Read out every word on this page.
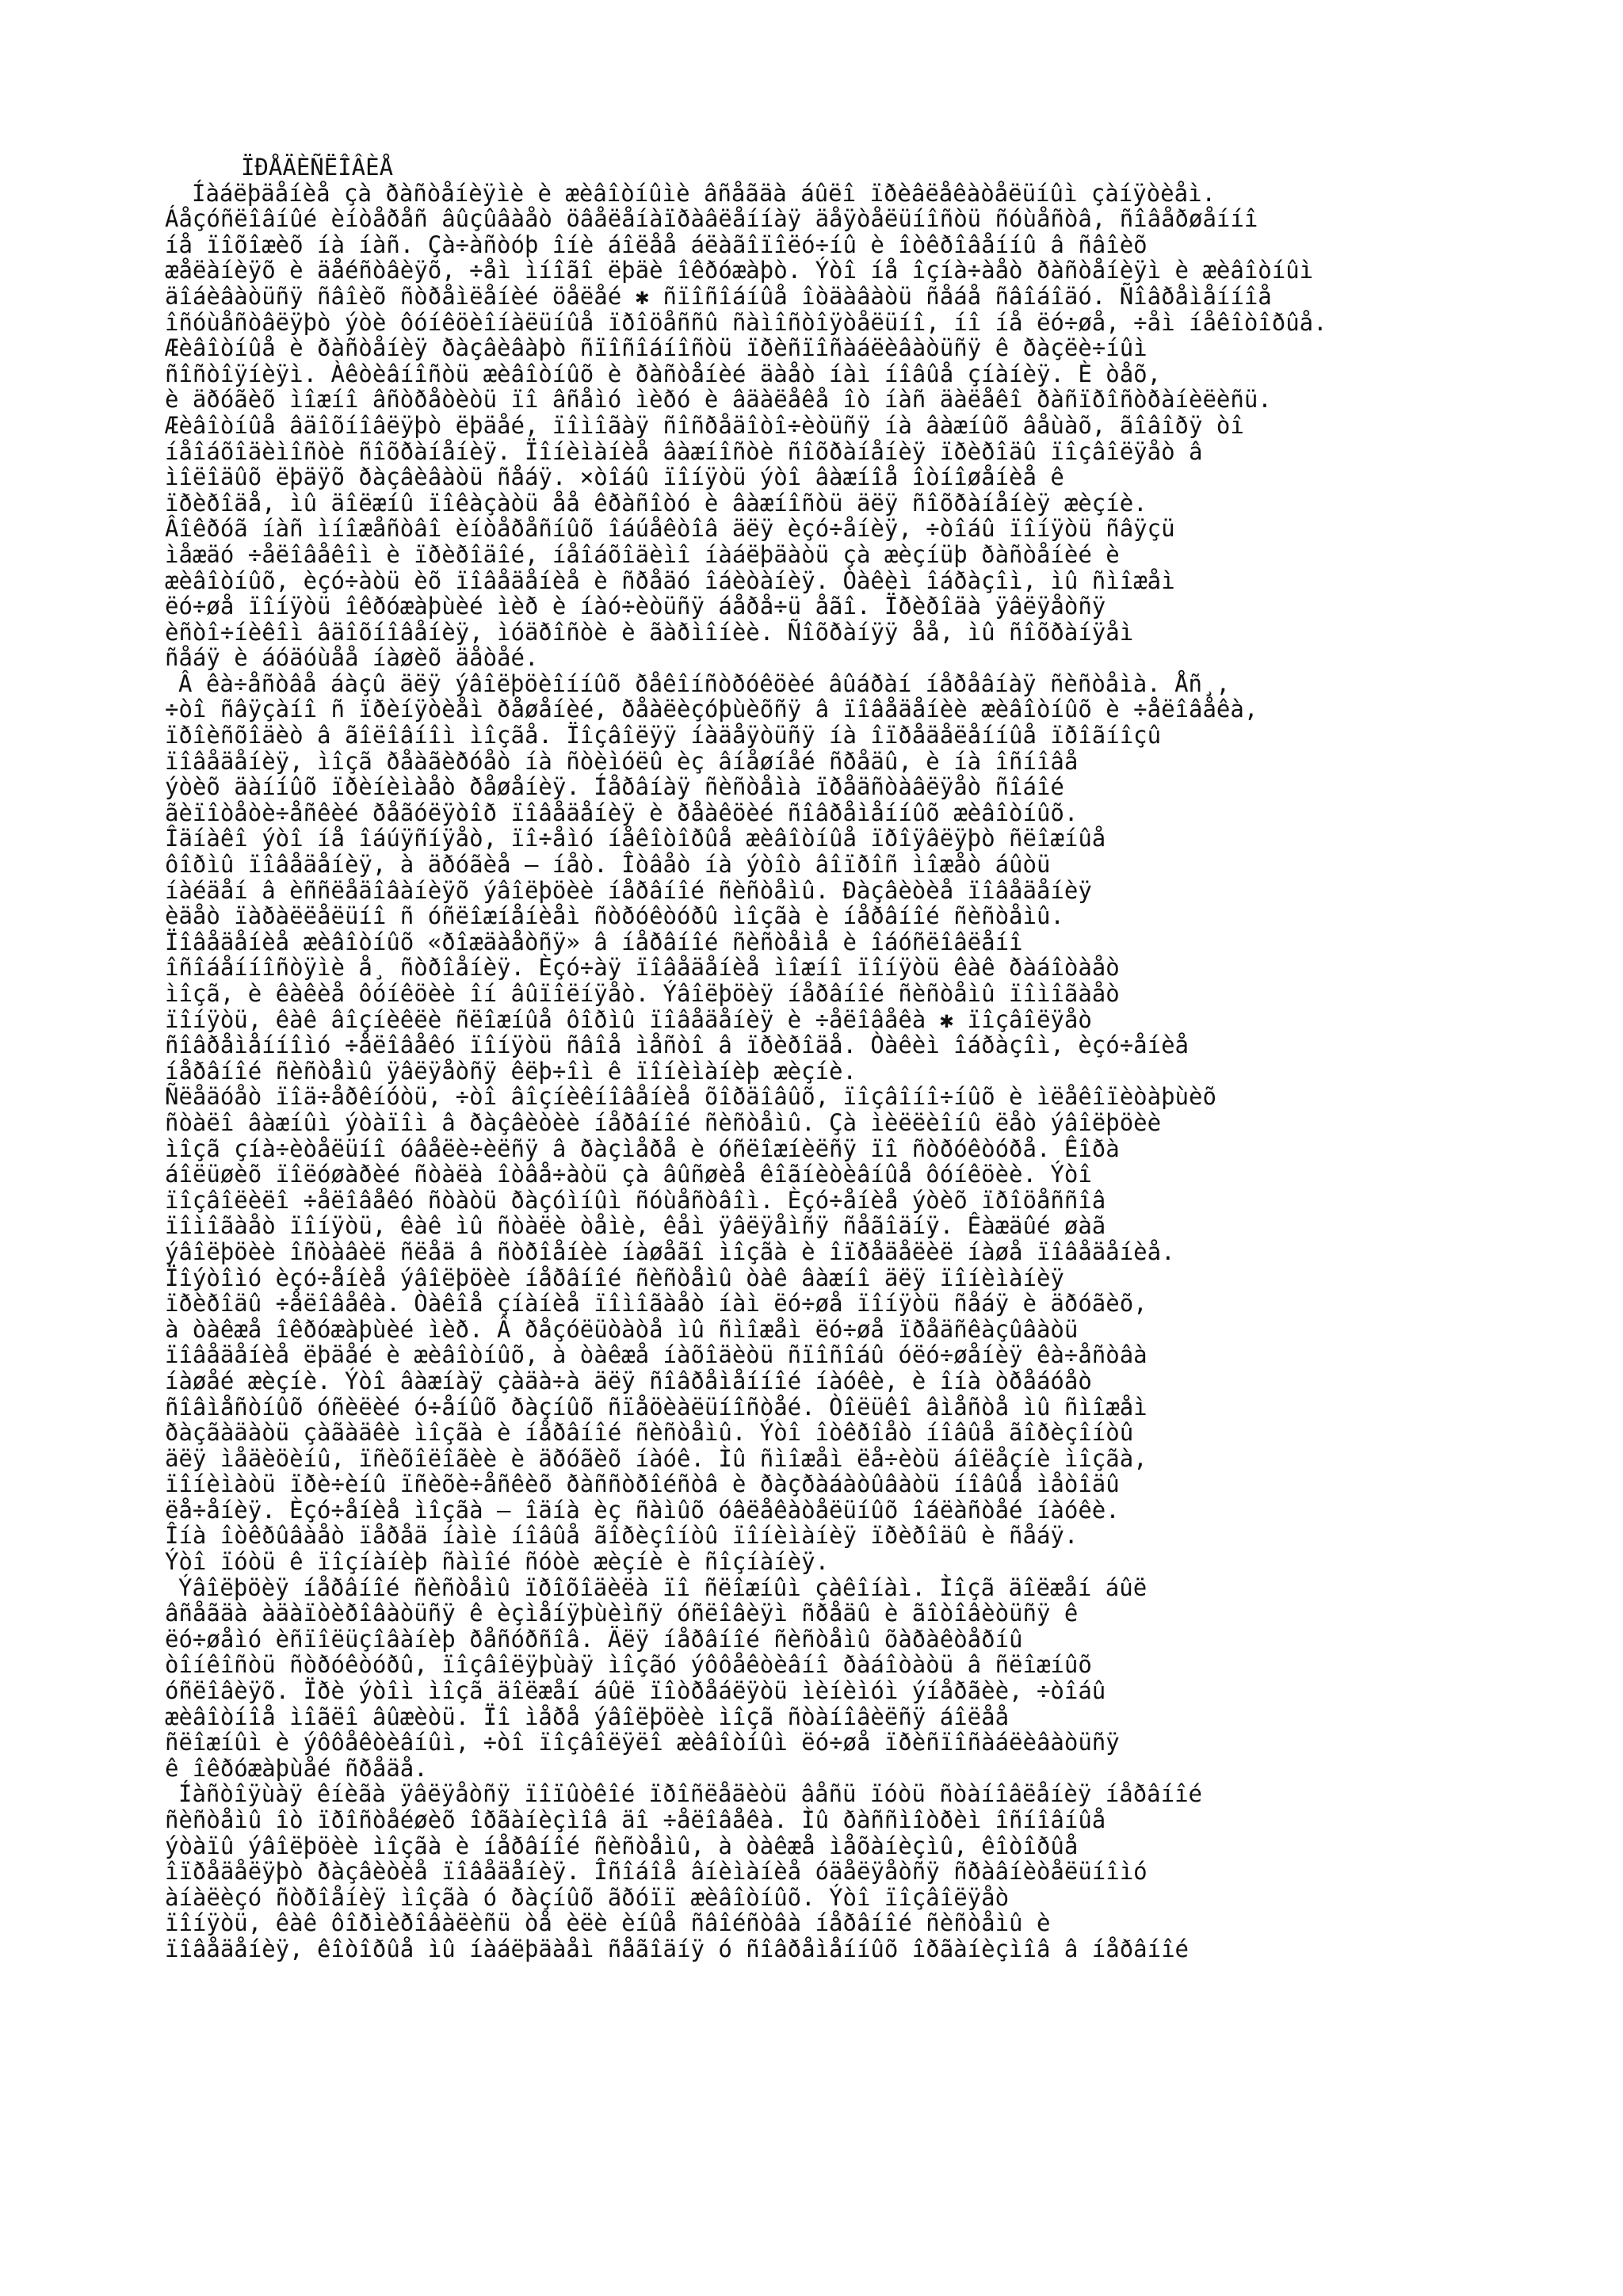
ÏÐÅÄÈÑËÎÂÈÅ
Íàáëþäåíèå çà ðàñòåíèÿìè è æèâîòíûìè âñåãäà áûëî ïðèâëåêàòåëüíûì çàíÿòèåì.
Áåçóñëîâíûé èíòåðåñ âûçûâàåò öâåëåíàïðàâëåííàÿ äåÿòåëüíîñòü ñóùåñòâ, ñîâåðøåííî
íå ïîõîæèõ íà íàñ. Çà÷àñòóþ îíè áîëåå áëàãîïîëó÷íû è îòêðîâåííû â ñâîèõ
æåëàíèÿõ è äåéñòâèÿõ, ÷åì ìíîãî ëþäè îêðóæàþò. Ýòî íå îçíà÷àåò ðàñòåíèÿì è æèâîòíûì
äîáèâàòüñÿ ñâîèõ ñòðåìëåíèé öåëåé ✱ ñïîñîáíûå îòäàâàòü ñåáå ñâîáîäó. Ñîâðåìåííîå
îñóùåñòâëÿþò ýòè ôóíêöèîíàëüíûå ïðîöåññû ñàìîñòîÿòåëüíî, íî íå ëó÷øå, ÷åì íåêîòîðûå.
Æèâîòíûå è ðàñòåíèÿ ðàçâèâàþò ñïîñîáíîñòü ïðèñïîñàáëèâàòüñÿ ê ðàçëè÷íûì
ñîñòîÿíèÿì. Àêòèâíîñòü æèâîòíûõ è ðàñòåíèé äàåò íàì íîâûå çíàíèÿ. È òåõ,
è äðóãèõ ìîæíî âñòðåòèòü ïî âñåìó ìèðó è âäàëåêå îò íàñ äàëåêî ðàñïðîñòðàíèëèñü.
Æèâîòíûå âäîõíîâëÿþò ëþäåé, ïîìîãàÿ ñîñðåäîòî÷èòüñÿ íà âàæíûõ âåùàõ, ãîâîðÿ òî
íåîáõîäèìîñòè ñîõðàíåíèÿ. Ïîíèìàíèå âàæíîñòè ñîõðàíåíèÿ ïðèðîäû ïîçâîëÿåò â
ìîëîäûõ ëþäÿõ ðàçâèâàòü ñåáÿ. ×òîáû ïîíÿòü ýòî âàæíîå îòíîøåíèå ê
ïðèðîäå, ìû äîëæíû ïîêàçàòü åå êðàñîòó è âàæíîñòü äëÿ ñîõðàíåíèÿ æèçíè.
Âîêðóã íàñ ìíîæåñòâî èíòåðåñíûõ îáúåêòîâ äëÿ èçó÷åíèÿ, ÷òîáû ïîíÿòü ñâÿçü
ìåæäó ÷åëîâåêîì è ïðèðîäîé, íåîáõîäèìî íàáëþäàòü çà æèçíüþ ðàñòåíèé è
æèâîòíûõ, èçó÷àòü èõ ïîâåäåíèå è ñðåäó îáèòàíèÿ. Òàêèì îáðàçîì, ìû ñìîæåì
ëó÷øå ïîíÿòü îêðóæàþùèé ìèð è íàó÷èòüñÿ áåðå÷ü åãî. Ïðèðîäà ÿâëÿåòñÿ
èñòî÷íèêîì âäîõíîâåíèÿ, ìóäðîñòè è ãàðìîíèè. Ñîõðàíÿÿ åå, ìû ñîõðàíÿåì
ñåáÿ è áóäóùåå íàøèõ äåòåé.
Â êà÷åñòâå áàçû äëÿ ýâîëþöèîííûõ ðåêîíñòðóêöèé âûáðàí íåðåâíàÿ ñèñòåìà. Åñ¸,
÷òî ñâÿçàíî ñ ïðèíÿòèåì ðåøåíèé, ðåàëèçóþùèõñÿ â ïîâåäåíèè æèâîòíûõ è ÷åëîâåêà,
ïðîèñõîäèò â ãîëîâíîì ìîçãå. Ïîçâîëÿÿ íàäåÿòüñÿ íà îïðåäåëåííûå ïðîãíîçû
ïîâåäåíèÿ, ìîçã ðåàãèðóåò íà ñòèìóëû èç âíåøíåé ñðåäû, è íà îñíîâå
ýòèõ äàííûõ ïðèíèìàåò ðåøåíèÿ. Íåðâíàÿ ñèñòåìà ïðåäñòàâëÿåò ñîáîé
ãèïîòåòè÷åñêèé ðåãóëÿòîð ïîâåäåíèÿ è ðåàêöèé ñîâðåìåííûõ æèâîòíûõ.
Îäíàêî ýòî íå îáúÿñíÿåò, ïî÷åìó íåêîòîðûå æèâîòíûå ïðîÿâëÿþò ñëîæíûå
ôîðìû ïîâåäåíèÿ, à äðóãèå — íåò. Îòâåò íà ýòîò âîïðîñ ìîæåò áûòü
íàéäåí â èññëåäîâàíèÿõ ýâîëþöèè íåðâíîé ñèñòåìû. Ðàçâèòèå ïîâåäåíèÿ
èäåò ïàðàëëåëüíî ñ óñëîæíåíèåì ñòðóêòóðû ìîçãà è íåðâíîé ñèñòåìû.
Ïîâåäåíèå æèâîòíûõ «ðîæäàåòñÿ» â íåðâíîé ñèñòåìå è îáóñëîâëåíî
îñîáåííîñòÿìè å¸ ñòðîåíèÿ. Èçó÷àÿ ïîâåäåíèå ìîæíî ïîíÿòü êàê ðàáîòàåò
ìîçã, è êàêèå ôóíêöèè îí âûïîëíÿåò. Ýâîëþöèÿ íåðâíîé ñèñòåìû ïîìîãàåò
ïîíÿòü, êàê âîçíèêëè ñëîæíûå ôîðìû ïîâåäåíèÿ è ÷åëîâåêà ✱ ïîçâîëÿåò
ñîâðåìåííîìó ÷åëîâåêó ïîíÿòü ñâîå ìåñòî â ïðèðîäå. Òàêèì îáðàçîì, èçó÷åíèå
íåðâíîé ñèñòåìû ÿâëÿåòñÿ êëþ÷îì ê ïîíèìàíèþ æèçíè.
Ñëåäóåò ïîä÷åðêíóòü, ÷òî âîçíèêíîâåíèå õîðäîâûõ, ïîçâîíî÷íûõ è ìëåêîïèòàþùèõ
ñòàëî âàæíûì ýòàïîì â ðàçâèòèè íåðâíîé ñèñòåìû. Çà ìèëëèîíû ëåò ýâîëþöèè
ìîçã çíà÷èòåëüíî óâåëè÷èëñÿ â ðàçìåðå è óñëîæíèëñÿ ïî ñòðóêòóðå. Êîðà
áîëüøèõ ïîëóøàðèé ñòàëà îòâå÷àòü çà âûñøèå êîãíèòèâíûå ôóíêöèè. Ýòî
ïîçâîëèëî ÷åëîâåêó ñòàòü ðàçóìíûì ñóùåñòâîì. Èçó÷åíèå ýòèõ ïðîöåññîâ
ïîìîãàåò ïîíÿòü, êàê ìû ñòàëè òåìè, êåì ÿâëÿåìñÿ ñåãîäíÿ. Êàæäûé øàã
ýâîëþöèè îñòàâèë ñëåä â ñòðîåíèè íàøåãî ìîçãà è îïðåäåëèë íàøå ïîâåäåíèå.
Ïîýòîìó èçó÷åíèå ýâîëþöèè íåðâíîé ñèñòåìû òàê âàæíî äëÿ ïîíèìàíèÿ
ïðèðîäû ÷åëîâåêà. Òàêîå çíàíèå ïîìîãàåò íàì ëó÷øå ïîíÿòü ñåáÿ è äðóãèõ,
à òàêæå îêðóæàþùèé ìèð. Â ðåçóëüòàòå ìû ñìîæåì ëó÷øå ïðåäñêàçûâàòü
ïîâåäåíèå ëþäåé è æèâîòíûõ, à òàêæå íàõîäèòü ñïîñîáû óëó÷øåíèÿ êà÷åñòâà
íàøåé æèçíè. Ýòî âàæíàÿ çàäà÷à äëÿ ñîâðåìåííîé íàóêè, è îíà òðåáóåò
ñîâìåñòíûõ óñèëèé ó÷åíûõ ðàçíûõ ñïåöèàëüíîñòåé. Òîëüêî âìåñòå ìû ñìîæåì
ðàçãàäàòü çàãàäêè ìîçãà è íåðâíîé ñèñòåìû. Ýòî îòêðîåò íîâûå ãîðèçîíòû
äëÿ ìåäèöèíû, ïñèõîëîãèè è äðóãèõ íàóê. Ìû ñìîæåì ëå÷èòü áîëåçíè ìîçãà,
ïîíèìàòü ïðè÷èíû ïñèõè÷åñêèõ ðàññòðîéñòâ è ðàçðàáàòûâàòü íîâûå ìåòîäû
ëå÷åíèÿ. Èçó÷åíèå ìîçãà — îäíà èç ñàìûõ óâëåêàòåëüíûõ îáëàñòåé íàóêè.
Îíà îòêðûâàåò ïåðåä íàìè íîâûå ãîðèçîíòû ïîíèìàíèÿ ïðèðîäû è ñåáÿ.
Ýòî ïóòü ê ïîçíàíèþ ñàìîé ñóòè æèçíè è ñîçíàíèÿ.
Ýâîëþöèÿ íåðâíîé ñèñòåìû ïðîõîäèëà ïî ñëîæíûì çàêîíàì. Ìîçã äîëæåí áûë
âñåãäà àäàïòèðîâàòüñÿ ê èçìåíÿþùèìñÿ óñëîâèÿì ñðåäû è ãîòîâèòüñÿ ê
ëó÷øåìó èñïîëüçîâàíèþ ðåñóðñîâ. Äëÿ íåðâíîé ñèñòåìû õàðàêòåðíû
òîíêîñòü ñòðóêòóðû, ïîçâîëÿþùàÿ ìîçãó ýôôåêòèâíî ðàáîòàòü â ñëîæíûõ
óñëîâèÿõ. Ïðè ýòîì ìîçã äîëæåí áûë ïîòðåáëÿòü ìèíèìóì ýíåðãèè, ÷òîáû
æèâîòíîå ìîãëî âûæèòü. Ïî ìåðå ýâîëþöèè ìîçã ñòàíîâèëñÿ áîëåå
ñëîæíûì è ýôôåêòèâíûì, ÷òî ïîçâîëÿëî æèâîòíûì ëó÷øå ïðèñïîñàáëèâàòüñÿ
ê îêðóæàþùåé ñðåäå.
Íàñòîÿùàÿ êíèãà ÿâëÿåòñÿ ïîïûòêîé ïðîñëåäèòü âåñü ïóòü ñòàíîâëåíèÿ íåðâíîé
ñèñòåìû îò ïðîñòåéøèõ îðãàíèçìîâ äî ÷åëîâåêà. Ìû ðàññìîòðèì îñíîâíûå
ýòàïû ýâîëþöèè ìîçãà è íåðâíîé ñèñòåìû, à òàêæå ìåõàíèçìû, êîòîðûå
îïðåäåëÿþò ðàçâèòèå ïîâåäåíèÿ. Îñîáîå âíèìàíèå óäåëÿåòñÿ ñðàâíèòåëüíîìó
àíàëèçó ñòðîåíèÿ ìîçãà ó ðàçíûõ ãðóïï æèâîòíûõ. Ýòî ïîçâîëÿåò
ïîíÿòü, êàê ôîðìèðîâàëèñü òå èëè èíûå ñâîéñòâà íåðâíîé ñèñòåìû è
ïîâåäåíèÿ, êîòîðûå ìû íàáëþäàåì ñåãîäíÿ ó ñîâðåìåííûõ îðãàíèçìîâ â íåðâíîé
